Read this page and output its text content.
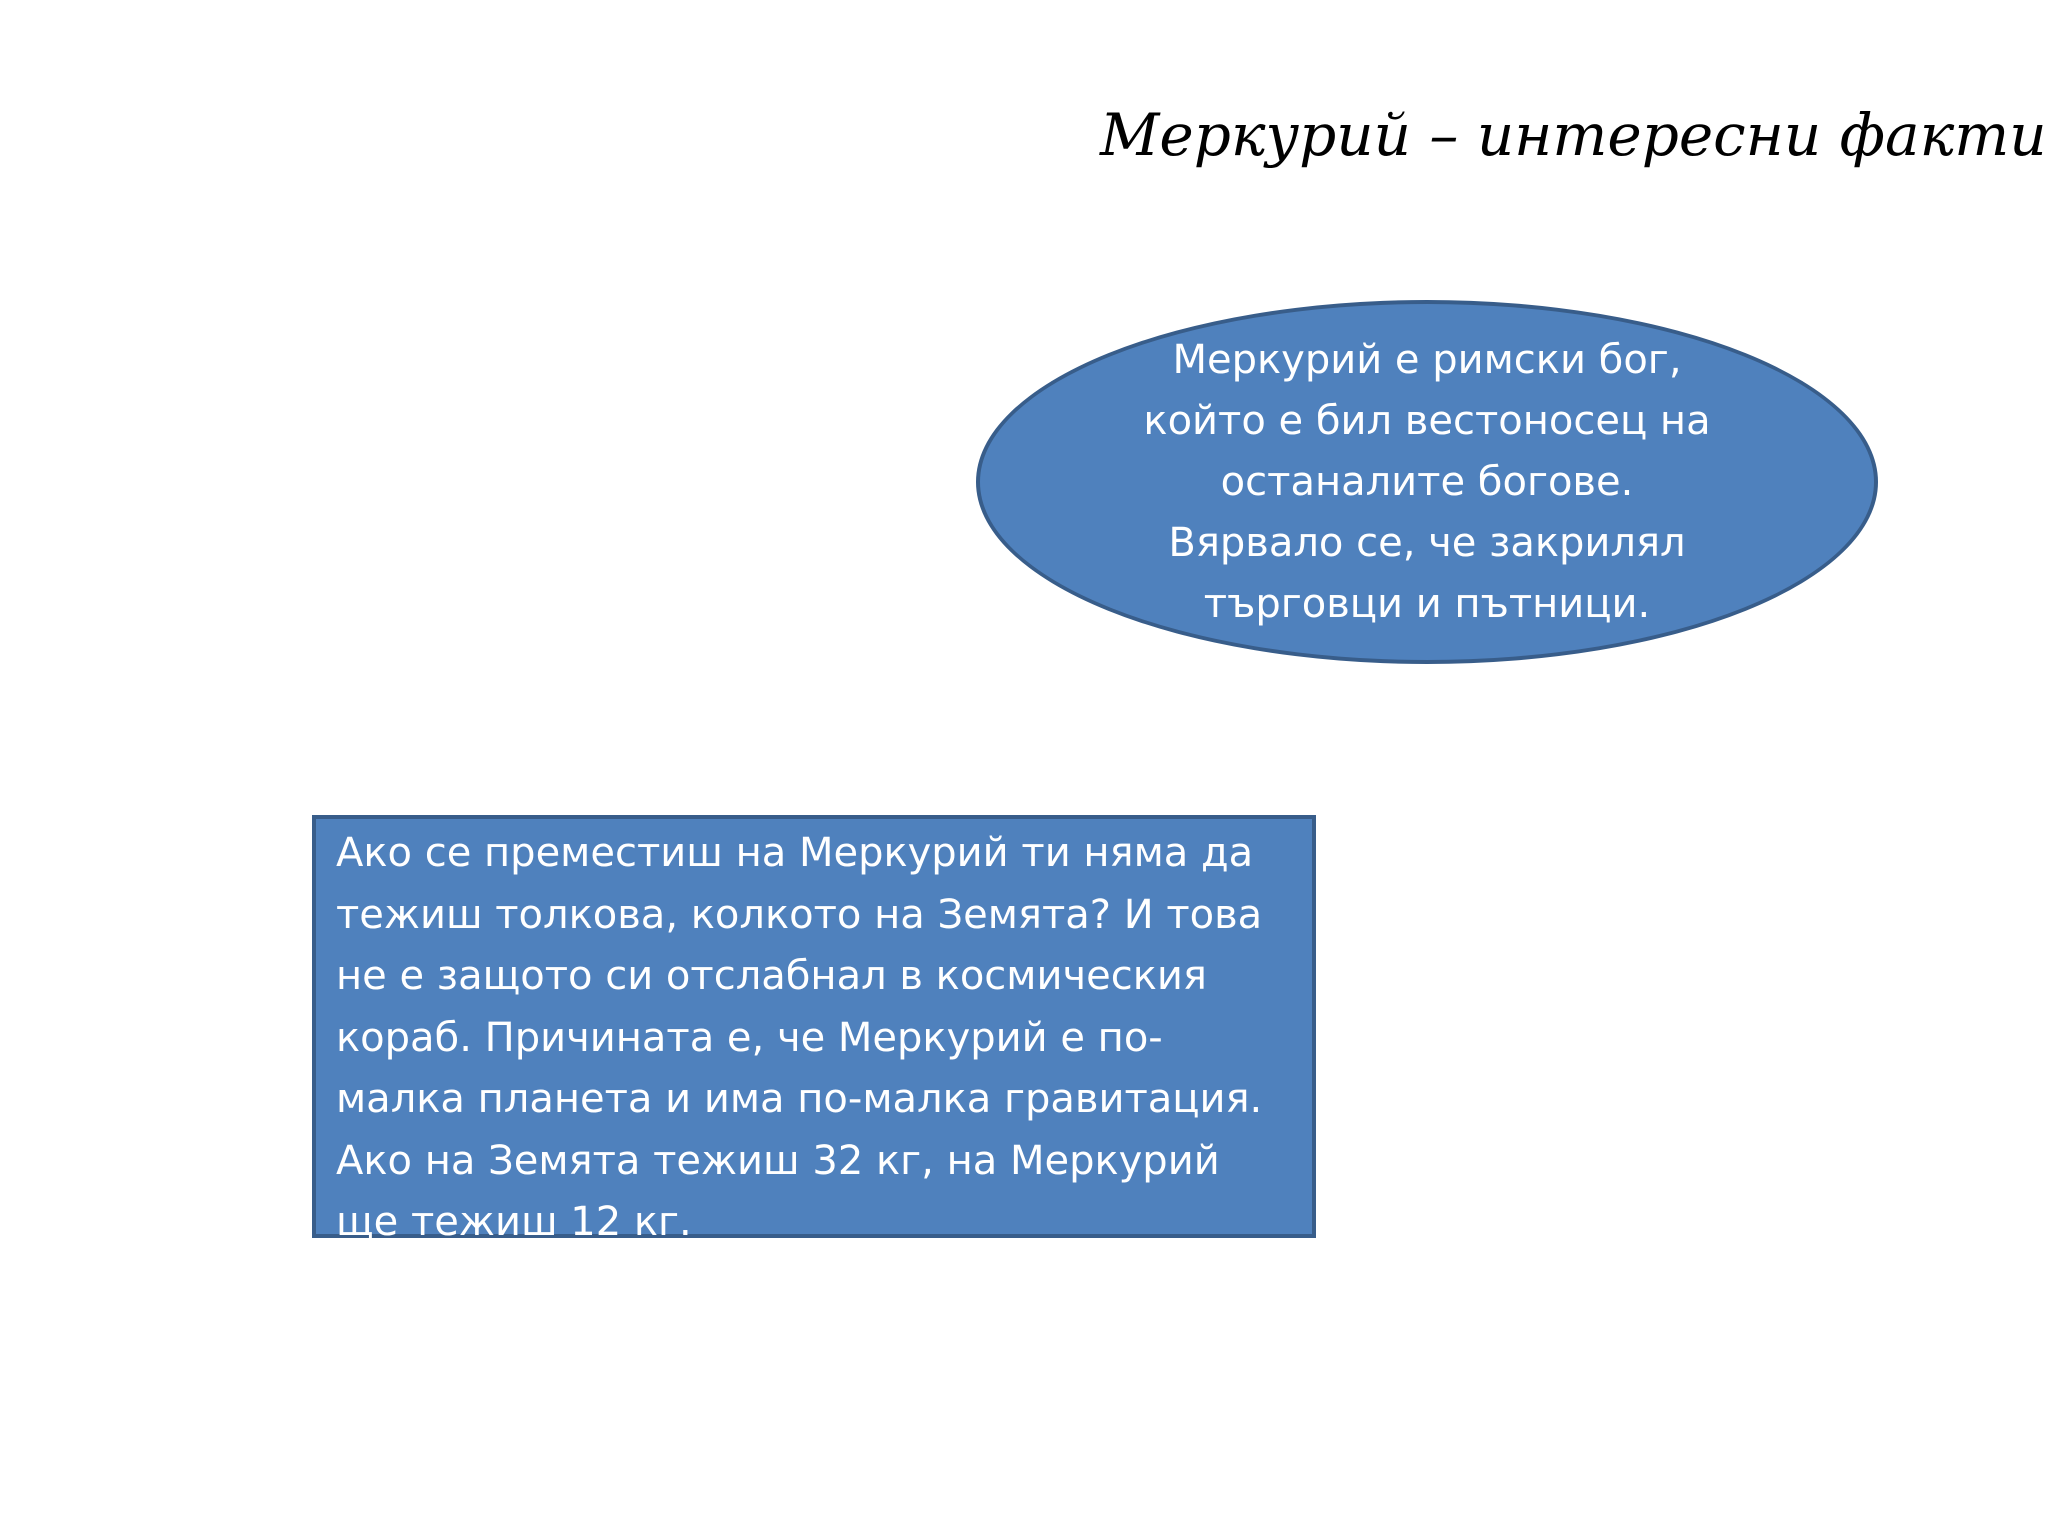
Меркурий – интересни факти

Меркурий е римски бог,
който е бил вестоносец на
останалите богове.
Вярвало се, че закрилял
търговци и пътници.

Ако се преместиш на Меркурий ти няма да
тежиш толкова, колкото на Земята? И това
не е защото си отслабнал в космическия
кораб. Причината е, че Меркурий е по-
малка планета и има по-малка гравитация.
Ако на Земята тежиш 32 кг, на Меркурий
ще тежиш 12 кг.
